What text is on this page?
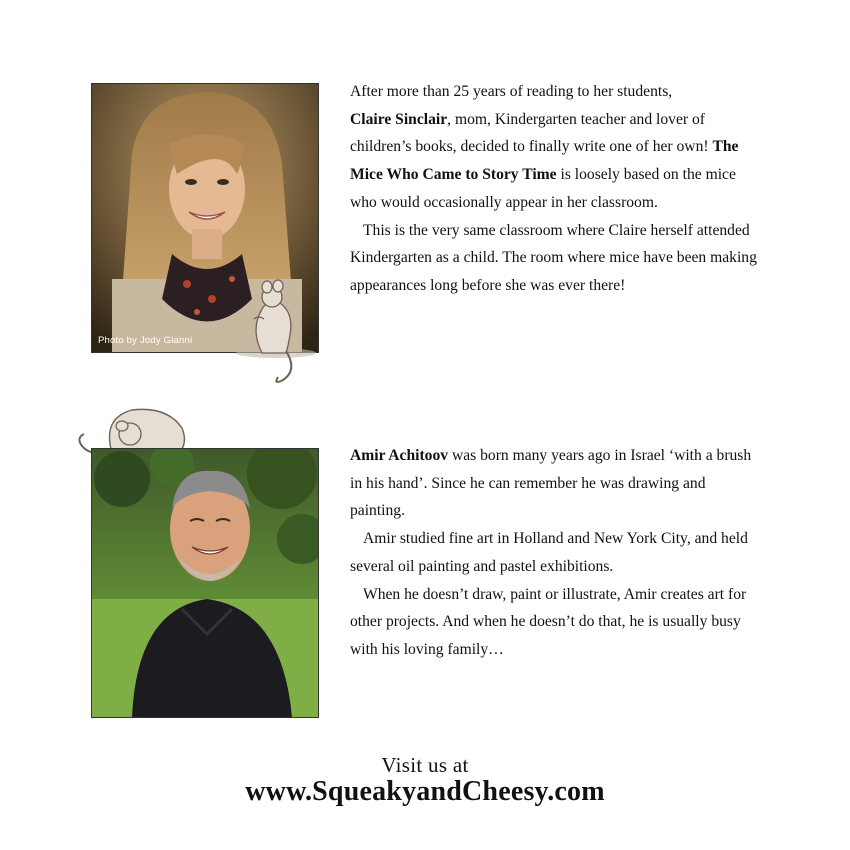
Photo by Jody Gianni

After more than 25 years of reading to her students,
Claire Sinclair, mom, Kindergarten teacher and lover of children’s books, decided to finally write one of her own! The Mice Who Came to Story Time is loosely based on the mice who would occasionally appear in her classroom.

This is the very same classroom where Claire herself attended Kindergarten as a child. The room where mice have been making appearances long before she was ever there!

Amir Achitoov was born many years ago in Israel ‘with a brush in his hand’. Since he can remember he was drawing and painting.

Amir studied fine art in Holland and New York City, and held several oil painting and pastel exhibitions.

When he doesn’t draw, paint or illustrate, Amir creates art for other projects. And when he doesn’t do that, he is usually busy with his loving family…

Visit us at
www.SqueakyandCheesy.com
